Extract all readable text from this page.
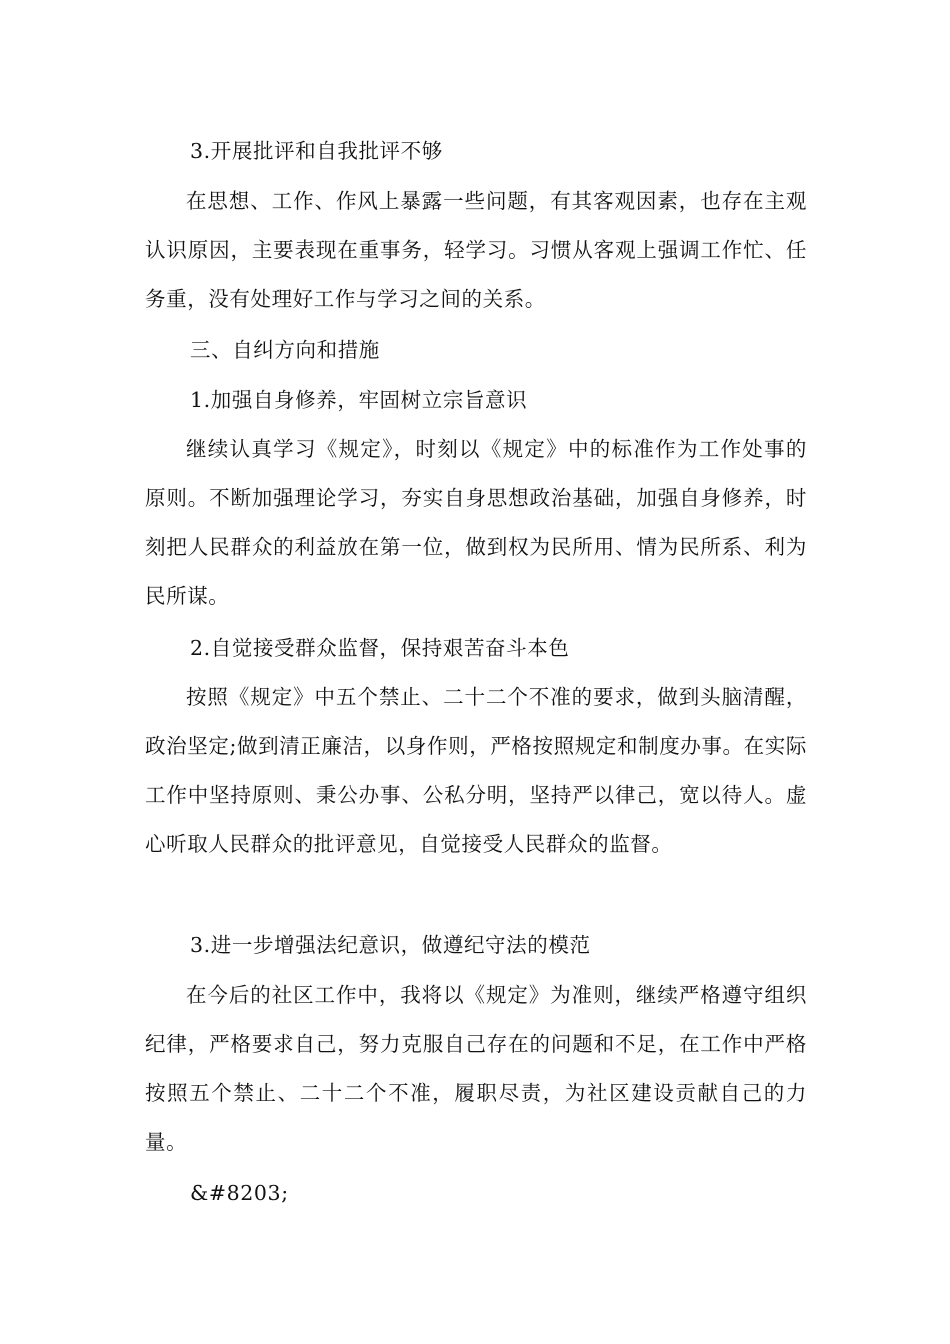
3.开展批评和自我批评不够

在思想、工作、作风上暴露一些问题，有其客观因素，也存在主观认识原因，主要表现在重事务，轻学习。习惯从客观上强调工作忙、任务重，没有处理好工作与学习之间的关系。

三、自纠方向和措施

1.加强自身修养，牢固树立宗旨意识

继续认真学习《规定》，时刻以《规定》中的标准作为工作处事的原则。不断加强理论学习，夯实自身思想政治基础，加强自身修养，时刻把人民群众的利益放在第一位，做到权为民所用、情为民所系、利为民所谋。

2.自觉接受群众监督，保持艰苦奋斗本色

按照《规定》中五个禁止、二十二个不准的要求，做到头脑清醒，政治坚定;做到清正廉洁，以身作则，严格按照规定和制度办事。在实际工作中坚持原则、秉公办事、公私分明，坚持严以律己，宽以待人。虚心听取人民群众的批评意见，自觉接受人民群众的监督。

3.进一步增强法纪意识，做遵纪守法的模范

在今后的社区工作中，我将以《规定》为准则，继续严格遵守组织纪律，严格要求自己，努力克服自己存在的问题和不足，在工作中严格按照五个禁止、二十二个不准，履职尽责，为社区建设贡献自己的力量。

&#8203;
